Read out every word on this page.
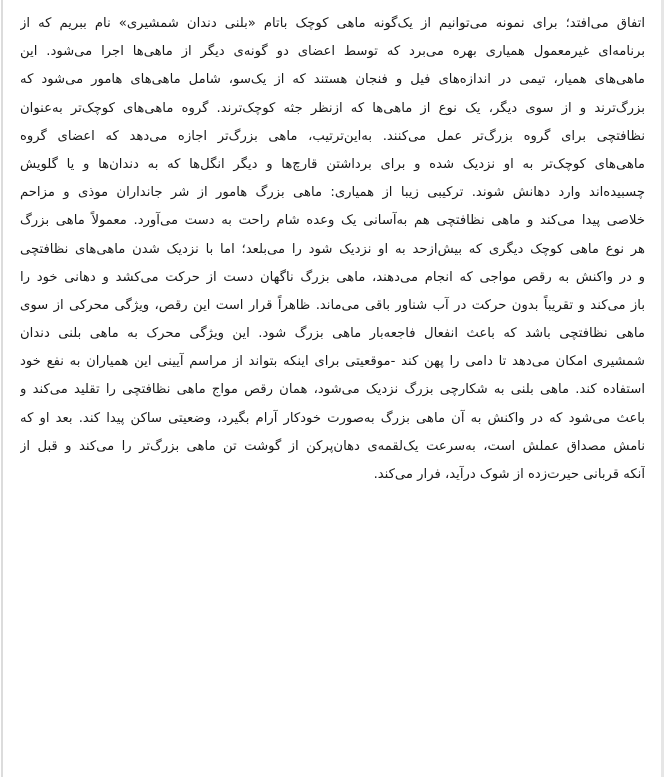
اتفاق می‌افتد؛ برای نمونه می‌توانیم از یک‌گونه ماهی کوچک باتام «بلنی دندان شمشیری» نام ببریم که از
برنامه‌ای غیرمعمول همیاری بهره می‌برد که توسط اعضای دو گونه‌ی دیگر از ماهی‌ها اجرا می‌شود. این
ماهی‌های همیار، تیمی در اندازه‌های فیل و فنجان هستند که از یک‌سو، شامل ماهی‌های هامور می‌شود که
بزرگ‌ترند و از سوی دیگر، یک نوع از ماهی‌ها که ازنظر جثه کوچک‌ترند. گروه ماهی‌های کوچک‌تر به‌عنوان
نظافتچی برای گروه بزرگ‌تر عمل می‌کنند. به‌این‌ترتیب، ماهی بزرگ‌تر اجازه می‌دهد که اعضای گروه
ماهی‌های کوچک‌تر به او نزدیک شده و برای برداشتن قارچ‌ها و دیگر انگل‌ها که به دندان‌ها و یا گلویش
چسبیده‌اند وارد دهانش شوند. ترکیبی زیبا از همیاری: ماهی بزرگ هامور از شر جانداران موذی و مزاحم
خلاصی پیدا می‌کند و ماهی نظافتچی هم به‌آسانی یک وعده شام راحت به دست می‌آورد. معمولاً ماهی بزرگ
هر نوع ماهی کوچک دیگری که بیش‌ازحد به او نزدیک شود را می‌بلعد؛ اما با نزدیک شدن ماهی‌های نظافتچی
و در واکنش به رقص مواجی که انجام می‌دهند، ماهی بزرگ ناگهان دست از حرکت می‌کشد و دهانی خود را
باز می‌کند و تقریباً بدون حرکت در آب شناور باقی می‌ماند. ظاهراً قرار است این رقص، ویژگی محرکی از سوی
ماهی نظافتچی باشد که باعث انفعال فاجعه‌بار ماهی بزرگ شود. این ویژگی محرک به ماهی بلنی دندان
شمشیری امکان می‌دهد تا دامی را پهن کند -موقعیتی برای اینکه بتواند از مراسم آیینی این همیاران به نفع خود
استفاده کند. ماهی بلنی به شکارچی بزرگ نزدیک می‌شود، همان رقص مواج ماهی نظافتچی را تقلید می‌کند و
باعث می‌شود که در واکنش به آن ماهی بزرگ به‌صورت خودکار آرام بگیرد، وضعیتی ساکن پیدا کند. بعد او که
نامش مصداق عملش است، به‌سرعت یک‌لقمه‌ی دهان‌پرکن از گوشت تن ماهی بزرگ‌تر را می‌کند و قبل از
آنکه قربانی حیرت‌زده از شوک درآید، فرار می‌کند.
